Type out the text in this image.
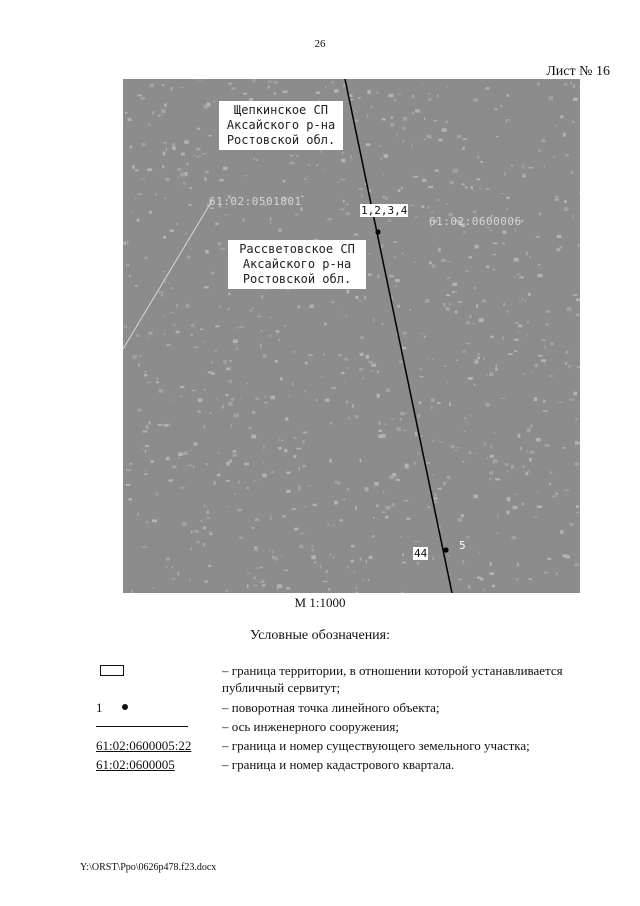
26
Лист № 16
Щепкинское СП
Аксайского р-на
Ростовской обл.
Рассветовское СП
Аксайского р-на
Ростовской обл.
61:02:0501801
61:02:0600006
1,2,3,4
44
5
М 1:1000
Условные обозначения:
– граница территории, в отношении которой устанавливается публичный сервитут;
1	– поворотная точка линейного объекта;
– ось инженерного сооружения;
61:02:0600005:22	– граница и номер существующего земельного участка;
61:02:0600005	– граница и номер кадастрового квартала.
Y:\ORST\Ppo\0626p478.f23.docx
